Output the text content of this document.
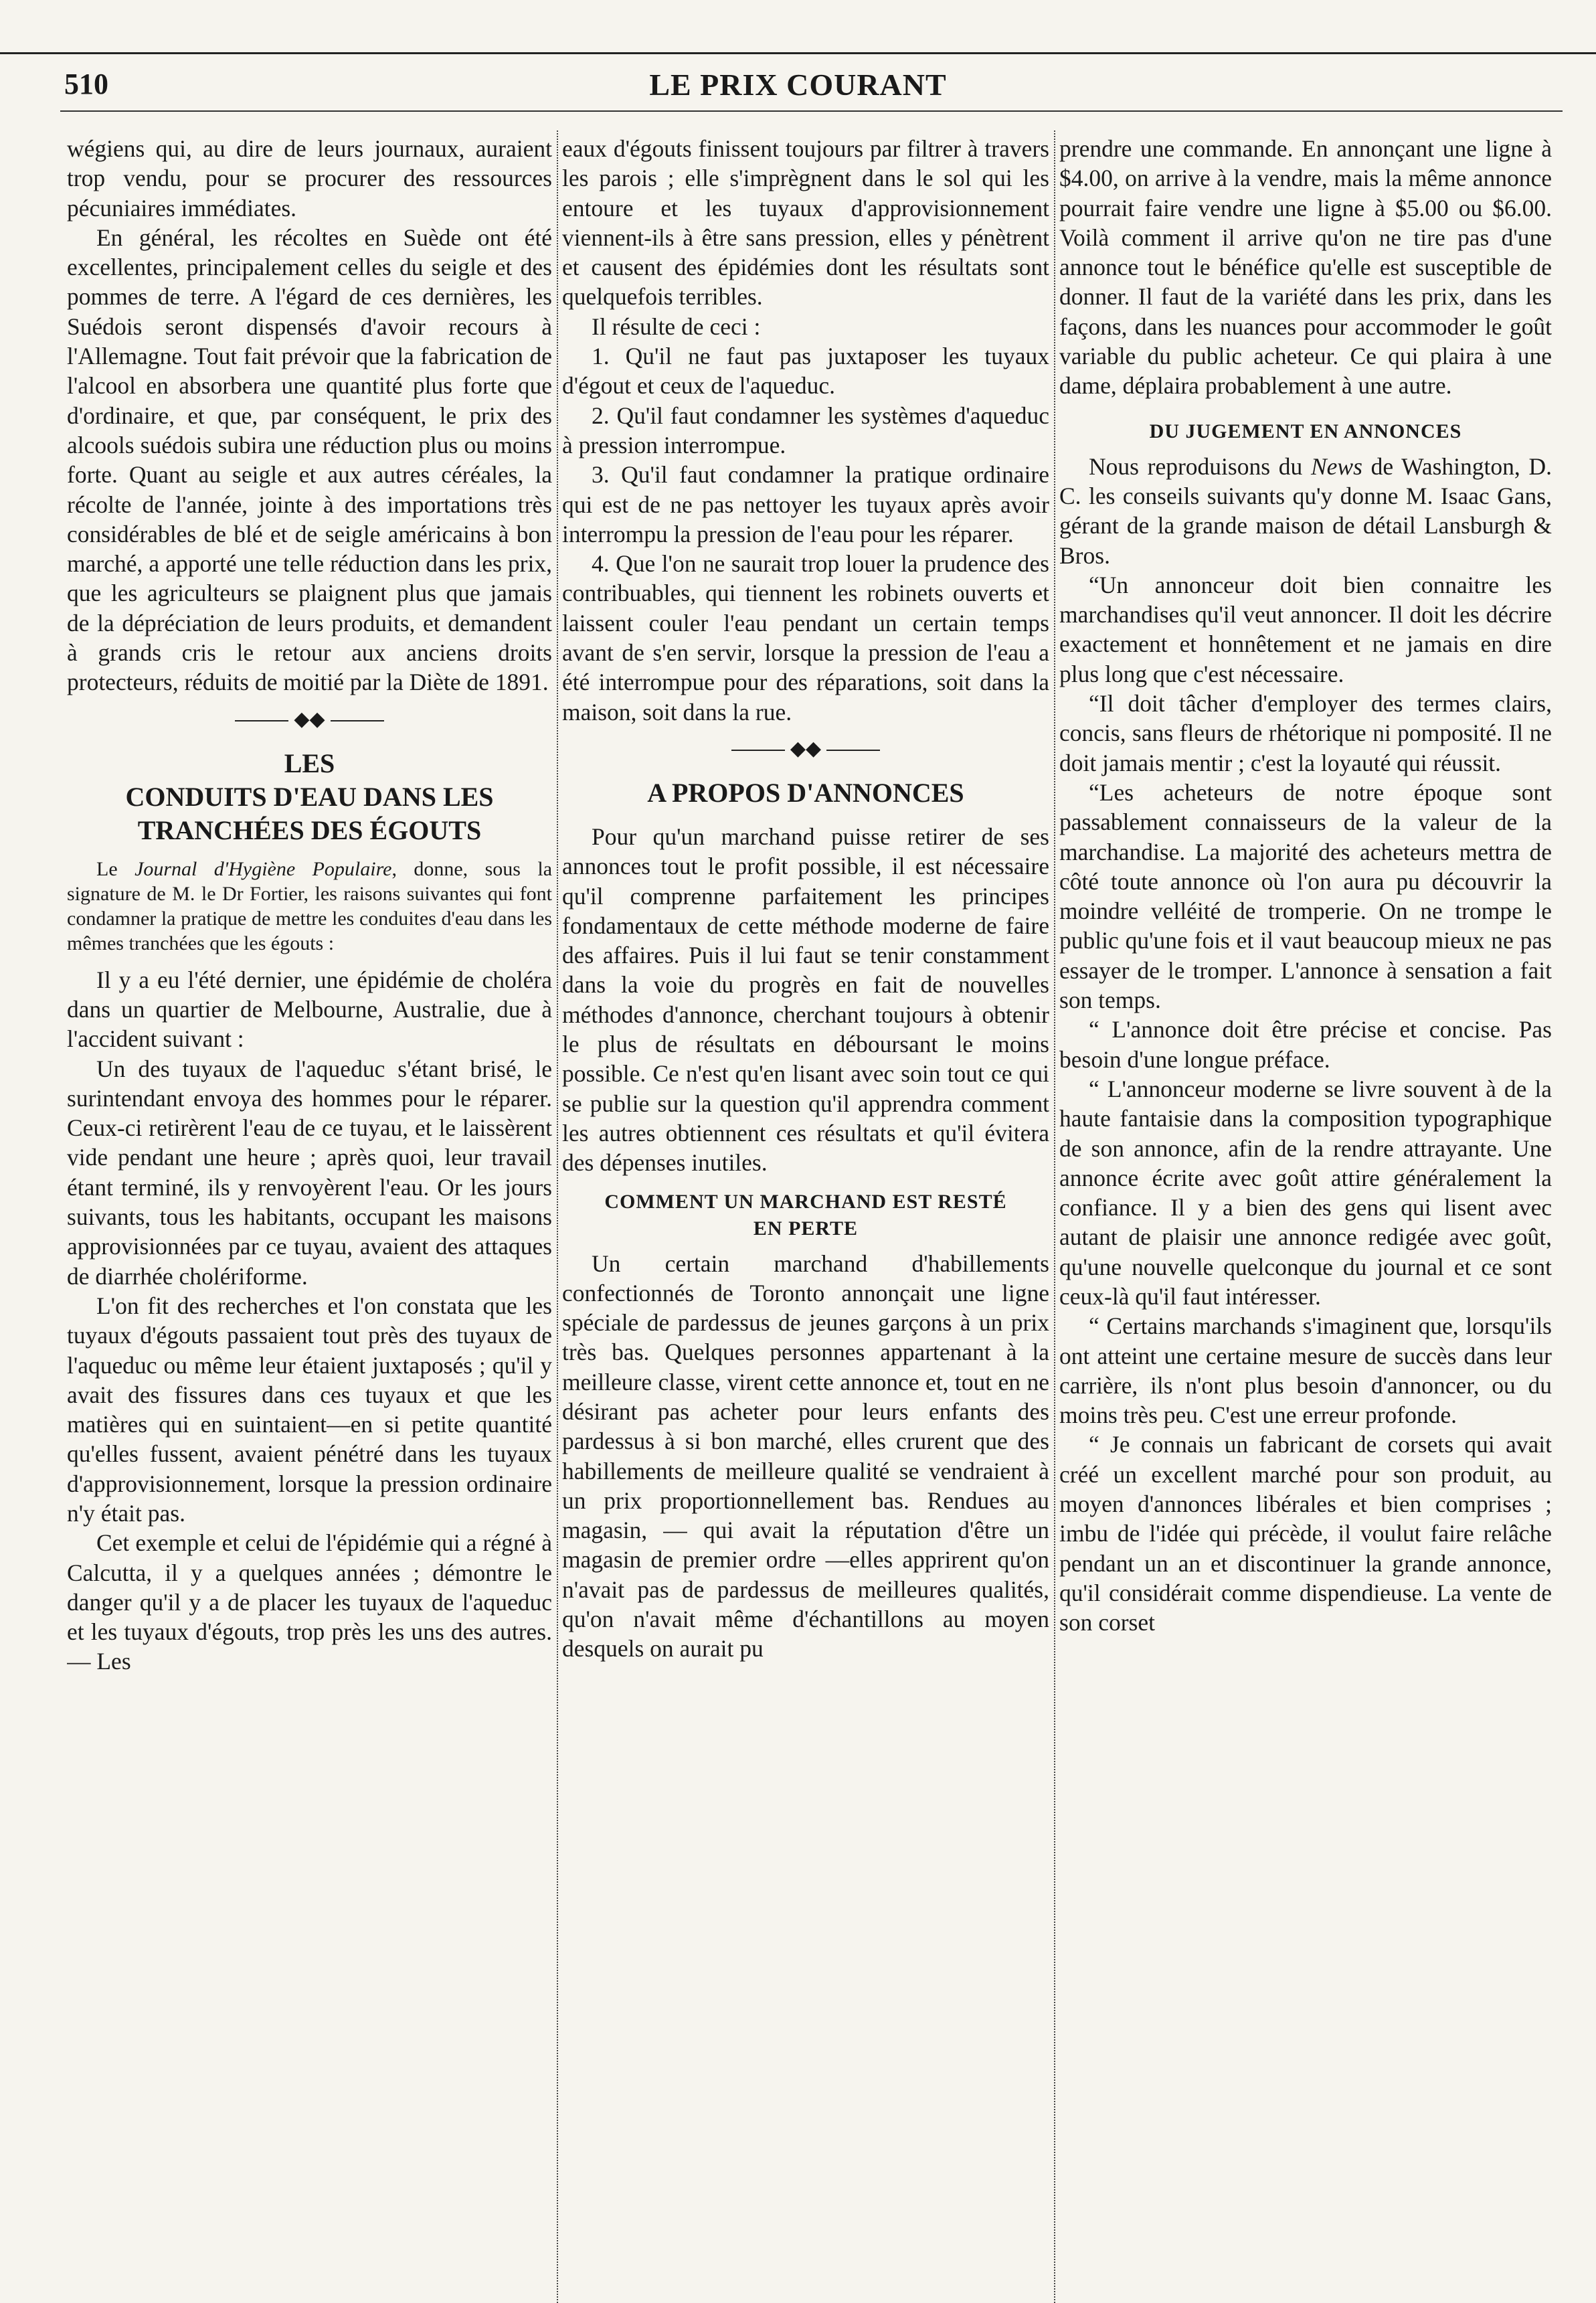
510	LE PRIX COURANT

wégiens qui, au dire de leurs journaux, auraient trop vendu, pour se procurer des ressources pécuniaires immédiates.

En général, les récoltes en Suède ont été excellentes, principalement celles du seigle et des pommes de terre. A l'égard de ces dernières, les Suédois seront dispensés d'avoir recours à l'Allemagne. Tout fait prévoir que la fabrication de l'alcool en absorbera une quantité plus forte que d'ordinaire, et que, par conséquent, le prix des alcools suédois subira une réduction plus ou moins forte. Quant au seigle et aux autres céréales, la récolte de l'année, jointe à des importations très considérables de blé et de seigle américains à bon marché, a apporté une telle réduction dans les prix, que les agriculteurs se plaignent plus que jamais de la dépréciation de leurs produits, et demandent à grands cris le retour aux anciens droits protecteurs, réduits de moitié par la Diète de 1891.

◆◆

LES

CONDUITS D'EAU DANS LES

TRANCHÉES DES ÉGOUTS

Le Journal d'Hygiène Populaire, donne, sous la signature de M. le Dr Fortier, les raisons suivantes qui font condamner la pratique de mettre les conduites d'eau dans les mêmes tranchées que les égouts :

Il y a eu l'été dernier, une épidémie de choléra dans un quartier de Melbourne, Australie, due à l'accident suivant :

Un des tuyaux de l'aqueduc s'étant brisé, le surintendant envoya des hommes pour le réparer. Ceux-ci retirèrent l'eau de ce tuyau, et le laissèrent vide pendant une heure ; après quoi, leur travail étant terminé, ils y renvoyèrent l'eau. Or les jours suivants, tous les habitants, occupant les maisons approvisionnées par ce tuyau, avaient des attaques de diarrhée cholériforme.

L'on fit des recherches et l'on constata que les tuyaux d'égouts passaient tout près des tuyaux de l'aqueduc ou même leur étaient juxtaposés ; qu'il y avait des fissures dans ces tuyaux et que les matières qui en suintaient—en si petite quantité qu'elles fussent, avaient pénétré dans les tuyaux d'approvisionnement, lorsque la pression ordinaire n'y était pas.

Cet exemple et celui de l'épidémie qui a régné à Calcutta, il y a quelques années ; démontre le danger qu'il y a de placer les tuyaux de l'aqueduc et les tuyaux d'égouts, trop près les uns des autres. — Les

eaux d'égouts finissent toujours par filtrer à travers les parois ; elle s'imprègnent dans le sol qui les entoure et les tuyaux d'approvisionnement viennent-ils à être sans pression, elles y pénètrent et causent des épidémies dont les résultats sont quelquefois terribles.

Il résulte de ceci :

1. Qu'il ne faut pas juxtaposer les tuyaux d'égout et ceux de l'aqueduc.

2. Qu'il faut condamner les systèmes d'aqueduc à pression interrompue.

3. Qu'il faut condamner la pratique ordinaire qui est de ne pas nettoyer les tuyaux après avoir interrompu la pression de l'eau pour les réparer.

4. Que l'on ne saurait trop louer la prudence des contribuables, qui tiennent les robinets ouverts et laissent couler l'eau pendant un certain temps avant de s'en servir, lorsque la pression de l'eau a été interrompue pour des réparations, soit dans la maison, soit dans la rue.

◆◆

A PROPOS D'ANNONCES

Pour qu'un marchand puisse retirer de ses annonces tout le profit possible, il est nécessaire qu'il comprenne parfaitement les principes fondamentaux de cette méthode moderne de faire des affaires. Puis il lui faut se tenir constamment dans la voie du progrès en fait de nouvelles méthodes d'annonce, cherchant toujours à obtenir le plus de résultats en déboursant le moins possible. Ce n'est qu'en lisant avec soin tout ce qui se publie sur la question qu'il apprendra comment les autres obtiennent ces résultats et qu'il évitera des dépenses inutiles.

COMMENT UN MARCHAND EST RESTÉ

EN PERTE

Un certain marchand d'habillements confectionnés de Toronto annonçait une ligne spéciale de pardessus de jeunes garçons à un prix très bas. Quelques personnes appartenant à la meilleure classe, virent cette annonce et, tout en ne désirant pas acheter pour leurs enfants des pardessus à si bon marché, elles crurent que des habillements de meilleure qualité se vendraient à un prix proportionnellement bas. Rendues au magasin, — qui avait la réputation d'être un magasin de premier ordre —elles apprirent qu'on n'avait pas de pardessus de meilleures qualités, qu'on n'avait même d'échantillons au moyen desquels on aurait pu

prendre une commande. En annonçant une ligne à $4.00, on arrive à la vendre, mais la même annonce pourrait faire vendre une ligne à $5.00 ou $6.00. Voilà comment il arrive qu'on ne tire pas d'une annonce tout le bénéfice qu'elle est susceptible de donner. Il faut de la variété dans les prix, dans les façons, dans les nuances pour accommoder le goût variable du public acheteur. Ce qui plaira à une dame, déplaira probablement à une autre.

DU JUGEMENT EN ANNONCES

Nous reproduisons du News de Washington, D. C. les conseils suivants qu'y donne M. Isaac Gans, gérant de la grande maison de détail Lansburgh & Bros.

“Un annonceur doit bien connaitre les marchandises qu'il veut annoncer. Il doit les décrire exactement et honnêtement et ne jamais en dire plus long que c'est nécessaire.

“Il doit tâcher d'employer des termes clairs, concis, sans fleurs de rhétorique ni pomposité. Il ne doit jamais mentir ; c'est la loyauté qui réussit.

“Les acheteurs de notre époque sont passablement connaisseurs de la valeur de la marchandise. La majorité des acheteurs mettra de côté toute annonce où l'on aura pu découvrir la moindre velléité de tromperie. On ne trompe le public qu'une fois et il vaut beaucoup mieux ne pas essayer de le tromper. L'annonce à sensation a fait son temps.

“ L'annonce doit être précise et concise. Pas besoin d'une longue préface.

“ L'annonceur moderne se livre souvent à de la haute fantaisie dans la composition typographique de son annonce, afin de la rendre attrayante. Une annonce écrite avec goût attire généralement la confiance. Il y a bien des gens qui lisent avec autant de plaisir une annonce redigée avec goût, qu'une nouvelle quelconque du journal et ce sont ceux-là qu'il faut intéresser.

“ Certains marchands s'imaginent que, lorsqu'ils ont atteint une certaine mesure de succès dans leur carrière, ils n'ont plus besoin d'annoncer, ou du moins très peu. C'est une erreur profonde.

“ Je connais un fabricant de corsets qui avait créé un excellent marché pour son produit, au moyen d'annonces libérales et bien comprises ; imbu de l'idée qui précède, il voulut faire relâche pendant un an et discontinuer la grande annonce, qu'il considérait comme dispendieuse. La vente de son corset
